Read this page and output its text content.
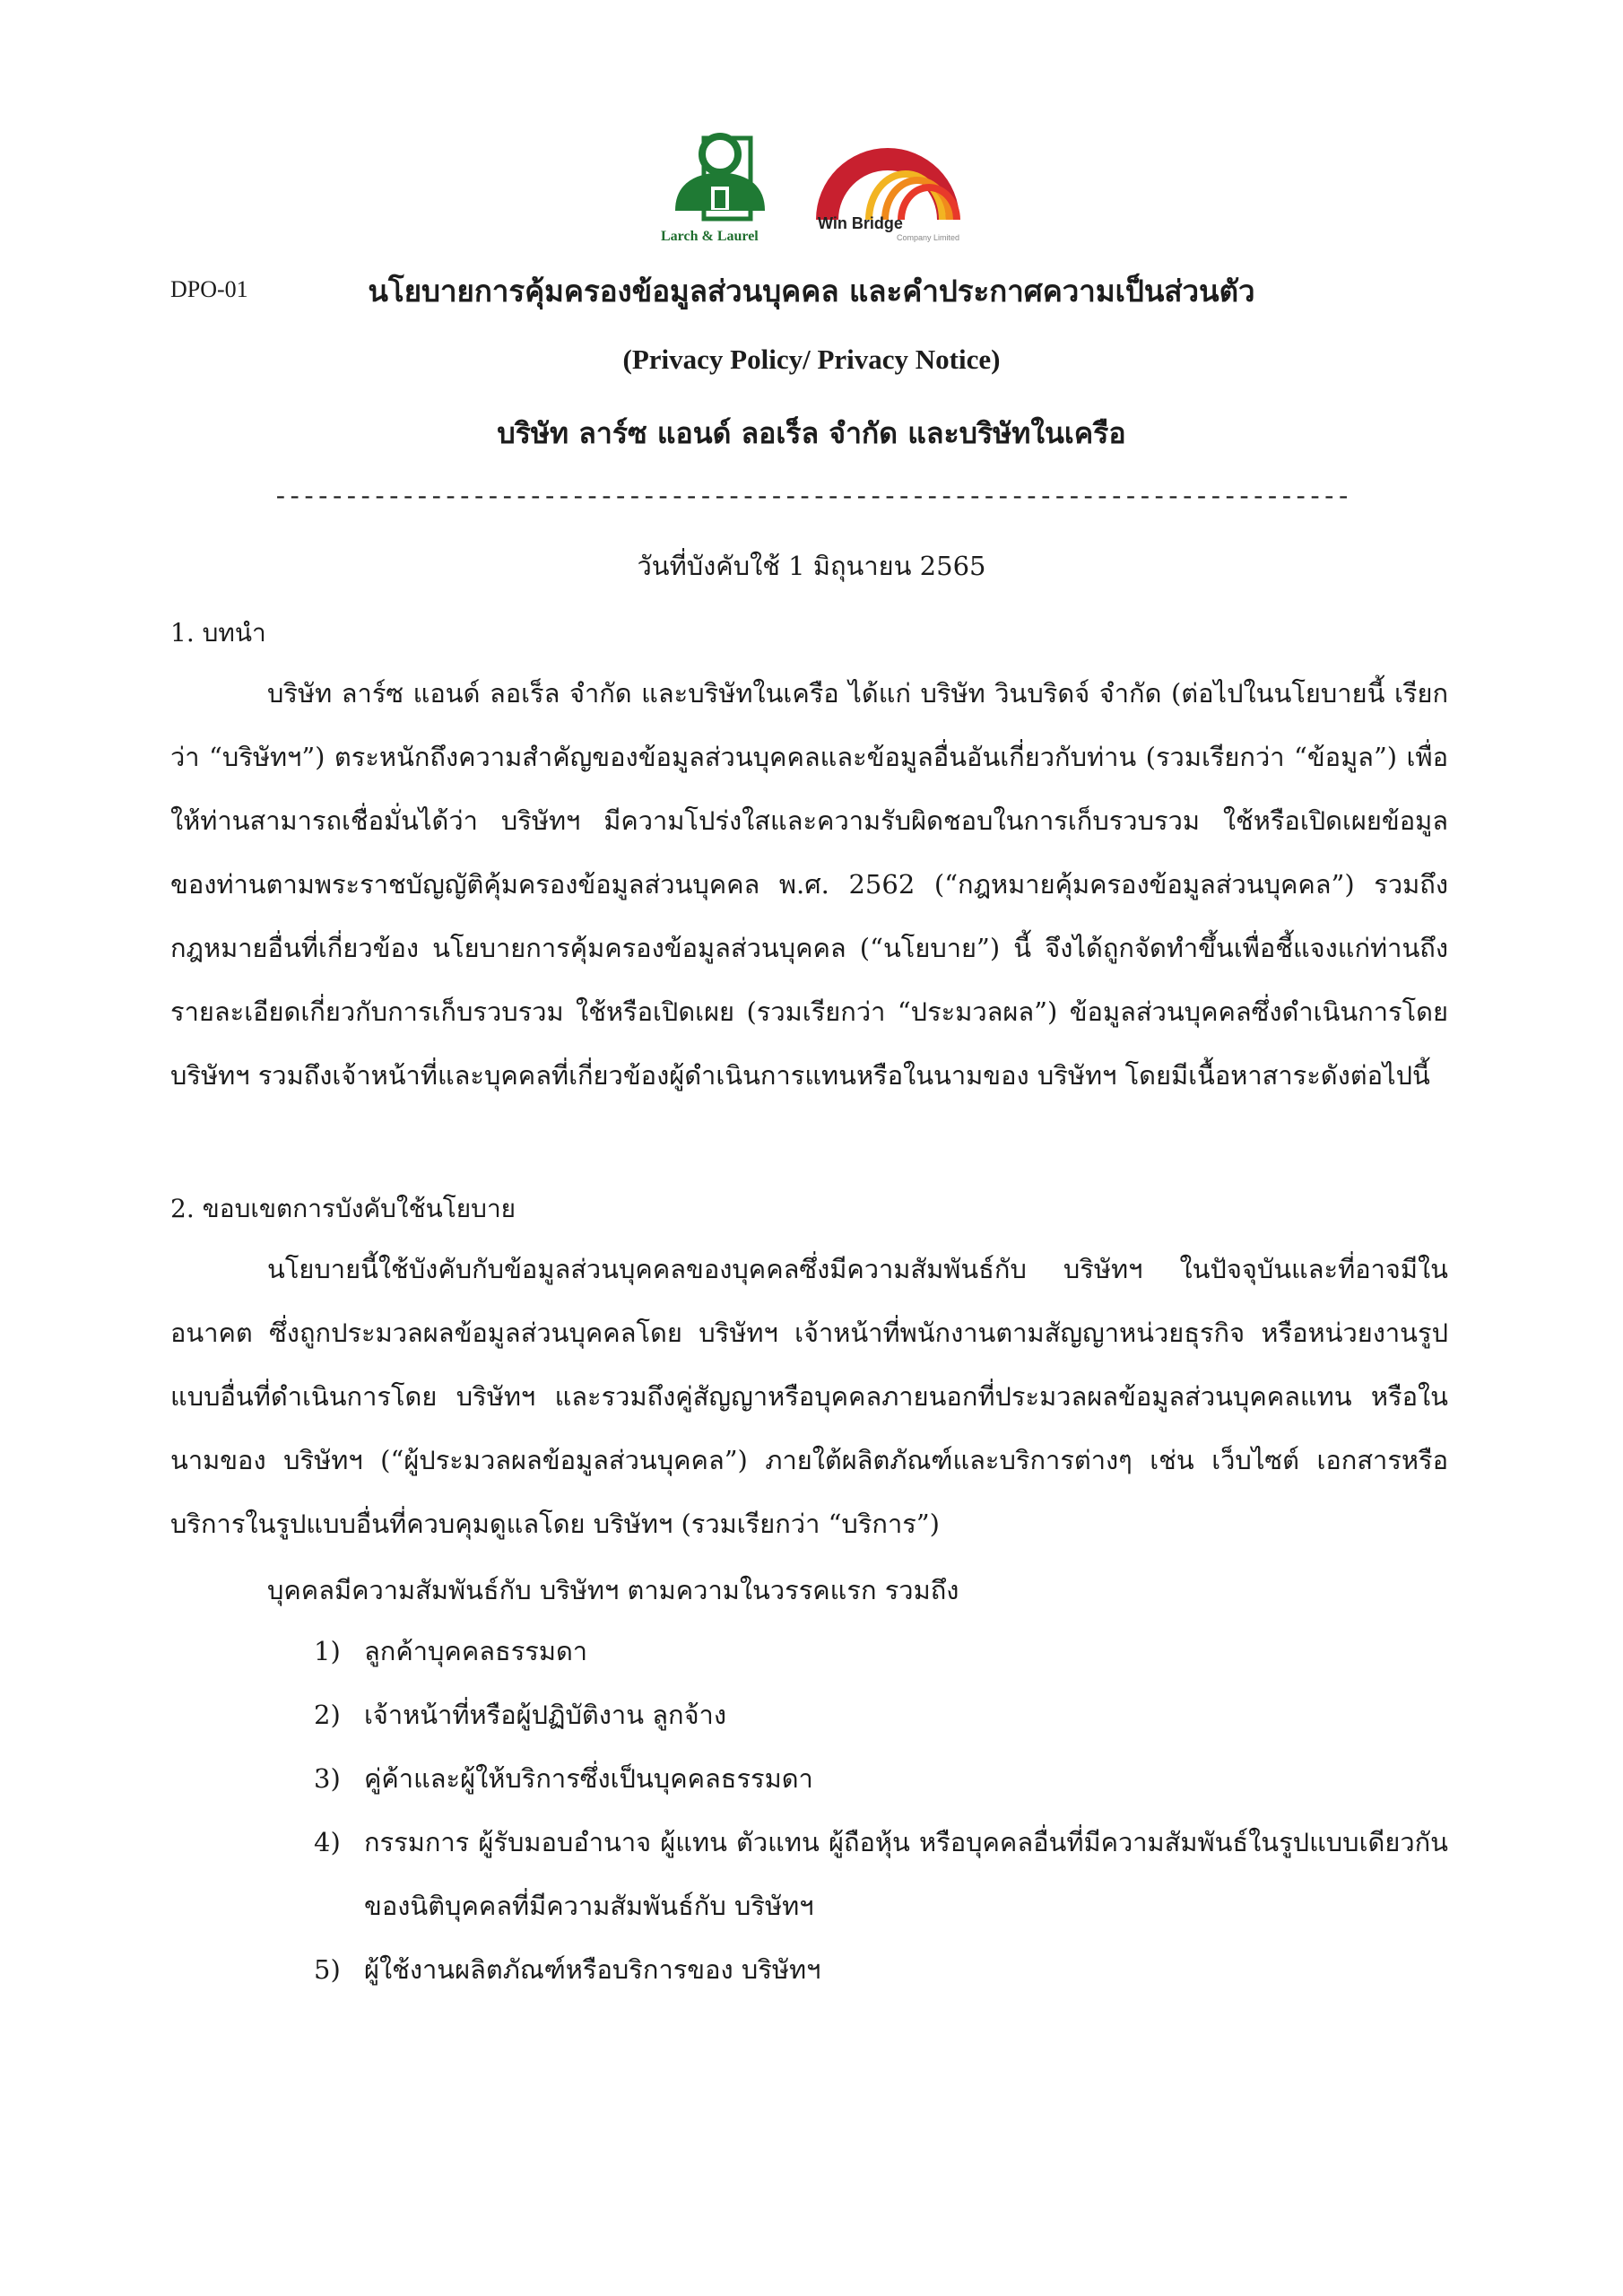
Larch & Laurel
Win Bridge
Company Limited
DPO-01	นโยบายการคุ้มครองข้อมูลส่วนบุคคล และคำประกาศความเป็นส่วนตัว
(Privacy Policy/ Privacy Notice)
บริษัท ลาร์ซ แอนด์ ลอเร็ล จำกัด และบริษัทในเครือ
----------------------------------------------------------------------------
วันที่บังคับใช้ 1 มิถุนายน 2565
1. บทนำ

บริษัท ลาร์ซ แอนด์ ลอเร็ล จำกัด และบริษัทในเครือ ได้แก่ บริษัท วินบริดจ์ จำกัด (ต่อไปในนโยบายนี้ เรียกว่า “บริษัทฯ”) ตระหนักถึงความสำคัญของข้อมูลส่วนบุคคลและข้อมูลอื่นอันเกี่ยวกับท่าน (รวมเรียกว่า “ข้อมูล”) เพื่อให้ท่านสามารถเชื่อมั่นได้ว่า บริษัทฯ มีความโปร่งใสและความรับผิดชอบในการเก็บรวบรวม ใช้หรือเปิดเผยข้อมูลของท่านตามพระราชบัญญัติคุ้มครองข้อมูลส่วนบุคคล พ.ศ. 2562 (“กฎหมายคุ้มครองข้อมูลส่วนบุคคล”) รวมถึงกฎหมายอื่นที่เกี่ยวข้อง นโยบายการคุ้มครองข้อมูลส่วนบุคคล (“นโยบาย”) นี้ จึงได้ถูกจัดทำขึ้นเพื่อชี้แจงแก่ท่านถึงรายละเอียดเกี่ยวกับการเก็บรวบรวม ใช้หรือเปิดเผย (รวมเรียกว่า “ประมวลผล”) ข้อมูลส่วนบุคคลซึ่งดำเนินการโดย บริษัทฯ รวมถึงเจ้าหน้าที่และบุคคลที่เกี่ยวข้องผู้ดำเนินการแทนหรือในนามของ บริษัทฯ โดยมีเนื้อหาสาระดังต่อไปนี้

2. ขอบเขตการบังคับใช้นโยบาย

นโยบายนี้ใช้บังคับกับข้อมูลส่วนบุคคลของบุคคลซึ่งมีความสัมพันธ์กับ บริษัทฯ ในปัจจุบันและที่อาจมีในอนาคต ซึ่งถูกประมวลผลข้อมูลส่วนบุคคลโดย บริษัทฯ เจ้าหน้าที่พนักงานตามสัญญาหน่วยธุรกิจ หรือหน่วยงานรูปแบบอื่นที่ดำเนินการโดย บริษัทฯ และรวมถึงคู่สัญญาหรือบุคคลภายนอกที่ประมวลผลข้อมูลส่วนบุคคลแทน หรือในนามของ บริษัทฯ (“ผู้ประมวลผลข้อมูลส่วนบุคคล”) ภายใต้ผลิตภัณฑ์และบริการต่างๆ เช่น เว็บไซต์ เอกสารหรือบริการในรูปแบบอื่นที่ควบคุมดูแลโดย บริษัทฯ (รวมเรียกว่า “บริการ”)

บุคคลมีความสัมพันธ์กับ บริษัทฯ ตามความในวรรคแรก รวมถึง
1) ลูกค้าบุคคลธรรมดา
2) เจ้าหน้าที่หรือผู้ปฏิบัติงาน ลูกจ้าง
3) คู่ค้าและผู้ให้บริการซึ่งเป็นบุคคลธรรมดา
4) กรรมการ ผู้รับมอบอำนาจ ผู้แทน ตัวแทน ผู้ถือหุ้น หรือบุคคลอื่นที่มีความสัมพันธ์ในรูปแบบเดียวกันของนิติบุคคลที่มีความสัมพันธ์กับ บริษัทฯ
5) ผู้ใช้งานผลิตภัณฑ์หรือบริการของ บริษัทฯ
